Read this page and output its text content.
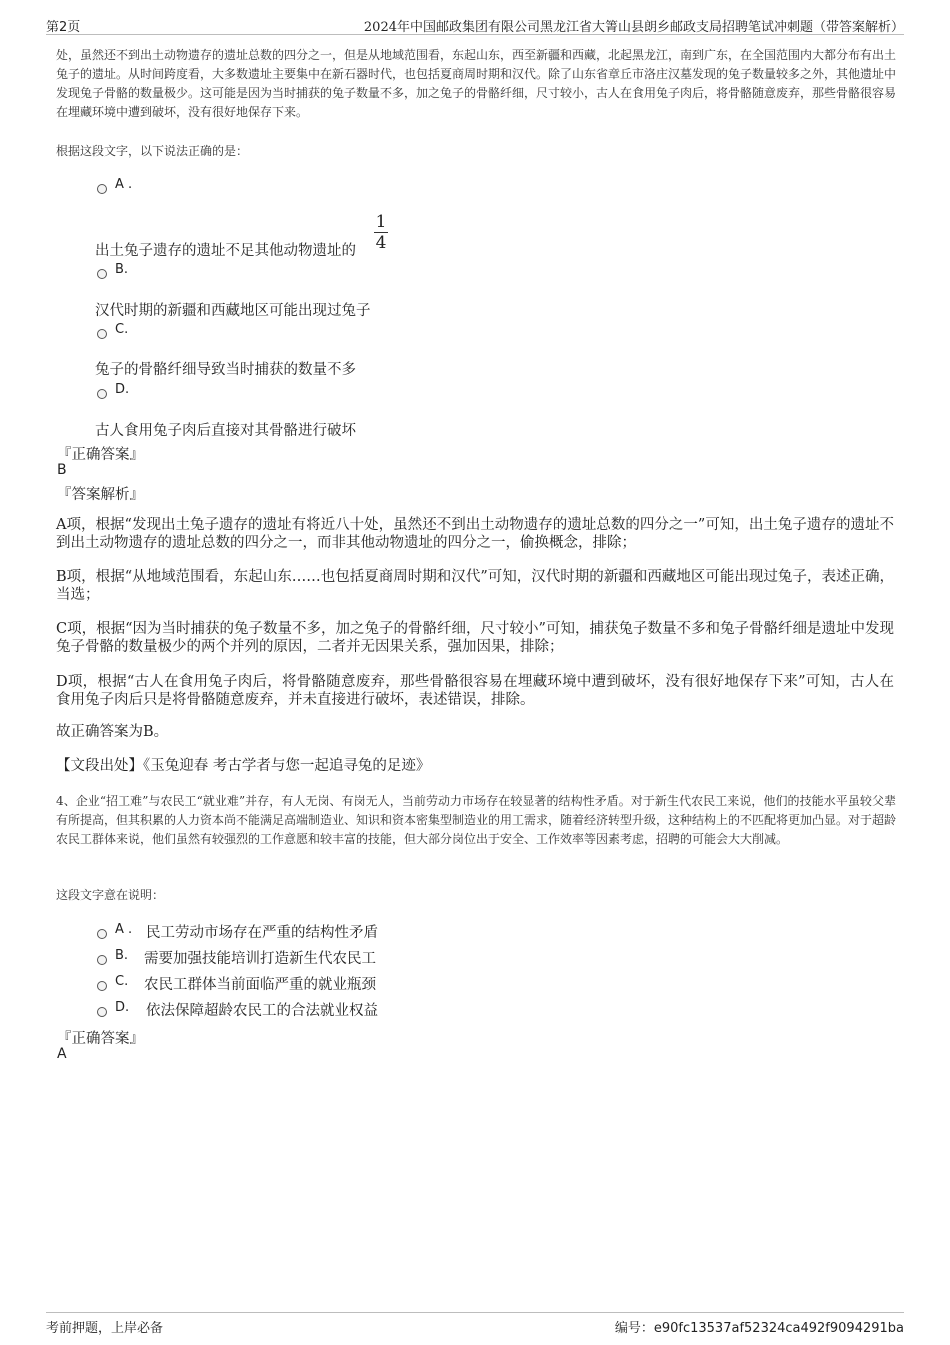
第2页	2024年中国邮政集团有限公司黑龙江省大箐山县朗乡邮政支局招聘笔试冲刺题（带答案解析）

处，虽然还不到出土动物遗存的遗址总数的四分之一，但是从地域范围看，东起山东，西至新疆和西藏，北起黑龙江，南到广东，在全国范围内大都分布有出土兔子的遗址。从时间跨度看，大多数遗址主要集中在新石器时代，也包括夏商周时期和汉代。除了山东省章丘市洛庄汉墓发现的兔子数量较多之外，其他遗址中发现兔子骨骼的数量极少。这可能是因为当时捕获的兔子数量不多，加之兔子的骨骼纤细，尺寸较小，古人在食用兔子肉后，将骨骼随意废弃，那些骨骼很容易在埋藏环境中遭到破坏，没有很好地保存下来。

根据这段文字，以下说法正确的是：

A .
出土兔子遗存的遗址不足其他动物遗址的 $\frac{1}{4}$
B.
汉代时期的新疆和西藏地区可能出现过兔子
C.
兔子的骨骼纤细导致当时捕获的数量不多
D.
古人食用兔子肉后直接对其骨骼进行破坏
『正确答案』
B
『答案解析』

A项，根据“发现出土兔子遗存的遗址有将近八十处，虽然还不到出土动物遗存的遗址总数的四分之一”可知，出土兔子遗存的遗址不到出土动物遗存的遗址总数的四分之一，而非其他动物遗址的四分之一，偷换概念，排除；

B项，根据“从地域范围看，东起山东……也包括夏商周时期和汉代”可知，汉代时期的新疆和西藏地区可能出现过兔子，表述正确，当选；

C项，根据“因为当时捕获的兔子数量不多，加之兔子的骨骼纤细，尺寸较小”可知，捕获兔子数量不多和兔子骨骼纤细是遗址中发现兔子骨骼的数量极少的两个并列的原因，二者并无因果关系，强加因果，排除；

D项，根据“古人在食用兔子肉后，将骨骼随意废弃，那些骨骼很容易在埋藏环境中遭到破坏，没有很好地保存下来”可知，古人在食用兔子肉后只是将骨骼随意废弃，并未直接进行破坏，表述错误，排除。

故正确答案为B。

【文段出处】《玉兔迎春 考古学者与您一起追寻兔的足迹》

4、企业“招工难”与农民工“就业难”并存，有人无岗、有岗无人，当前劳动力市场存在较显著的结构性矛盾。对于新生代农民工来说，他们的技能水平虽较父辈有所提高，但其积累的人力资本尚不能满足高端制造业、知识和资本密集型制造业的用工需求，随着经济转型升级，这种结构上的不匹配将更加凸显。对于超龄农民工群体来说，他们虽然有较强烈的工作意愿和较丰富的技能，但大部分岗位出于安全、工作效率等因素考虑，招聘的可能会大大削减。

这段文字意在说明：

A . 民工劳动市场存在严重的结构性矛盾
B. 需要加强技能培训打造新生代农民工
C. 农民工群体当前面临严重的就业瓶颈
D. 依法保障超龄农民工的合法就业权益
『正确答案』
A
考前押题，上岸必备	编号：e90fc13537af52324ca492f9094291ba
